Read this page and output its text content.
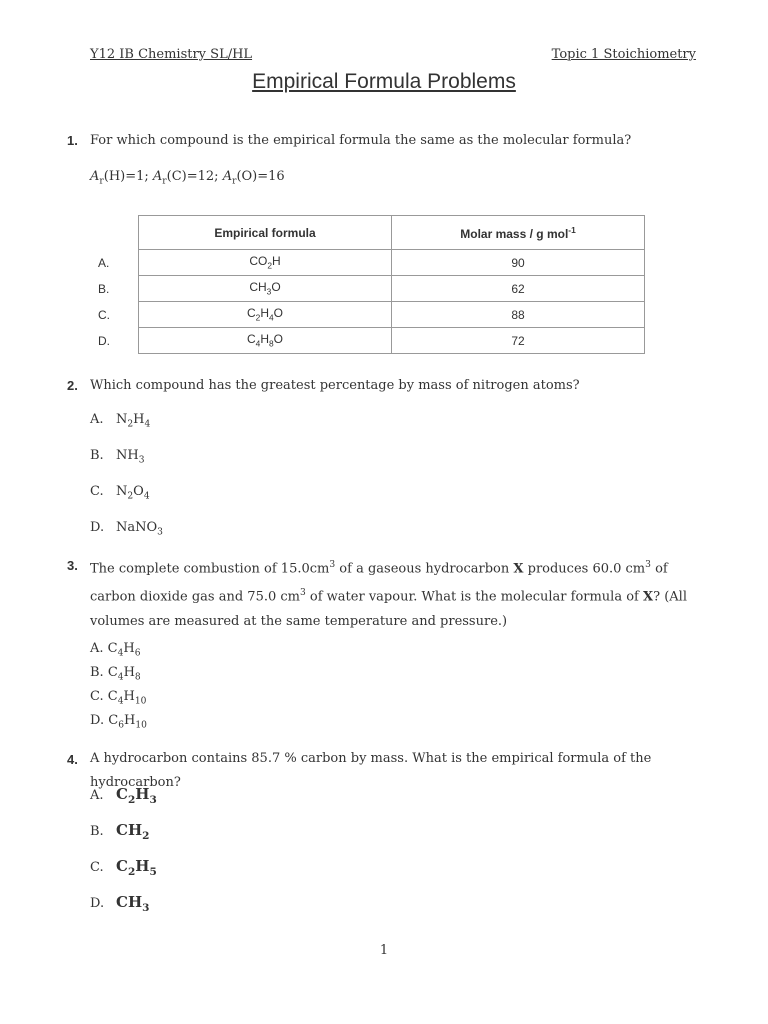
Y12 IB Chemistry SL/HL	Topic 1 Stoichiometry
Empirical Formula Problems
1. For which compound is the empirical formula the same as the molecular formula?
$A_r(H)=1$; $A_r(C)=12$; $A_r(O)=16$
	Empirical formula	Molar mass / g mol$^{-1}$
A.	$CO_2H$	90
B.	$CH_3O$	62
C.	$C_2H_4O$	88
D.	$C_4H_8O$	72
2. Which compound has the greatest percentage by mass of nitrogen atoms?
A. $N_2H_4$
B. $NH_3$
C. $N_2O_4$
D. NaNO$_3$
3. The complete combustion of $15.0cm^3$ of a gaseous hydrocarbon X produces 60.0 $cm^3$ of carbon dioxide gas and 75.0 $cm^3$ of water vapour. What is the molecular formula of X? (All volumes are measured at the same temperature and pressure.)
A. $C_4H_6$
B. $C_4H_8$
C. $C_4H_{10}$
D. $C_6H_{10}$
4. A hydrocarbon contains 85.7 % carbon by mass. What is the empirical formula of the hydrocarbon?
A. $C_2H_3$
B. $CH_2$
C. $C_2H_5$
D. $CH_3$
1
